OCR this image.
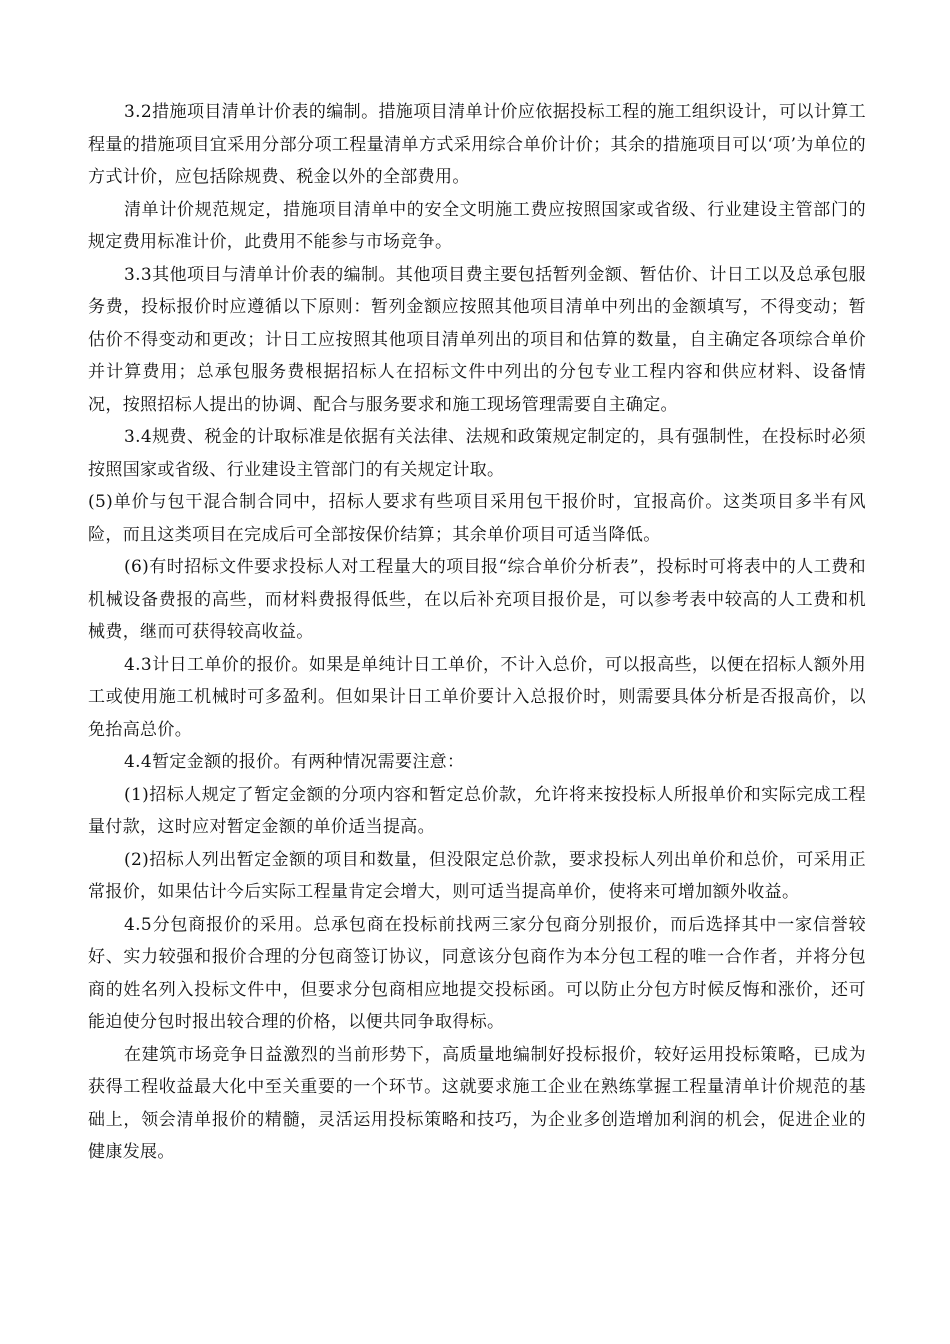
3.2措施项目清单计价表的编制。措施项目清单计价应依据投标工程的施工组织设计，可以计算工程量的措施项目宜采用分部分项工程量清单方式采用综合单价计价；其余的措施项目可以‘项’为单位的方式计价，应包括除规费、税金以外的全部费用。

清单计价规范规定，措施项目清单中的安全文明施工费应按照国家或省级、行业建设主管部门的规定费用标准计价，此费用不能参与市场竞争。

3.3其他项目与清单计价表的编制。其他项目费主要包括暂列金额、暂估价、计日工以及总承包服务费，投标报价时应遵循以下原则：暂列金额应按照其他项目清单中列出的金额填写，不得变动；暂估价不得变动和更改；计日工应按照其他项目清单列出的项目和估算的数量，自主确定各项综合单价并计算费用；总承包服务费根据招标人在招标文件中列出的分包专业工程内容和供应材料、设备情况，按照招标人提出的协调、配合与服务要求和施工现场管理需要自主确定。

3.4规费、税金的计取标准是依据有关法律、法规和政策规定制定的，具有强制性，在投标时必须按照国家或省级、行业建设主管部门的有关规定计取。

(5)单价与包干混合制合同中，招标人要求有些项目采用包干报价时，宜报高价。这类项目多半有风险，而且这类项目在完成后可全部按保价结算；其余单价项目可适当降低。

(6)有时招标文件要求投标人对工程量大的项目报“综合单价分析表”，投标时可将表中的人工费和机械设备费报的高些，而材料费报得低些，在以后补充项目报价是，可以参考表中较高的人工费和机械费，继而可获得较高收益。

4.3计日工单价的报价。如果是单纯计日工单价，不计入总价，可以报高些，以便在招标人额外用工或使用施工机械时可多盈利。但如果计日工单价要计入总报价时，则需要具体分析是否报高价，以免抬高总价。

4.4暂定金额的报价。有两种情况需要注意：

(1)招标人规定了暂定金额的分项内容和暂定总价款，允许将来按投标人所报单价和实际完成工程量付款，这时应对暂定金额的单价适当提高。

(2)招标人列出暂定金额的项目和数量，但没限定总价款，要求投标人列出单价和总价，可采用正常报价，如果估计今后实际工程量肯定会增大，则可适当提高单价，使将来可增加额外收益。

4.5分包商报价的采用。总承包商在投标前找两三家分包商分别报价，而后选择其中一家信誉较好、实力较强和报价合理的分包商签订协议，同意该分包商作为本分包工程的唯一合作者，并将分包商的姓名列入投标文件中，但要求分包商相应地提交投标函。可以防止分包方时候反悔和涨价，还可能迫使分包时报出较合理的价格，以便共同争取得标。

在建筑市场竞争日益激烈的当前形势下，高质量地编制好投标报价，较好运用投标策略，已成为获得工程收益最大化中至关重要的一个环节。这就要求施工企业在熟练掌握工程量清单计价规范的基础上，领会清单报价的精髓，灵活运用投标策略和技巧，为企业多创造增加利润的机会，促进企业的健康发展。
